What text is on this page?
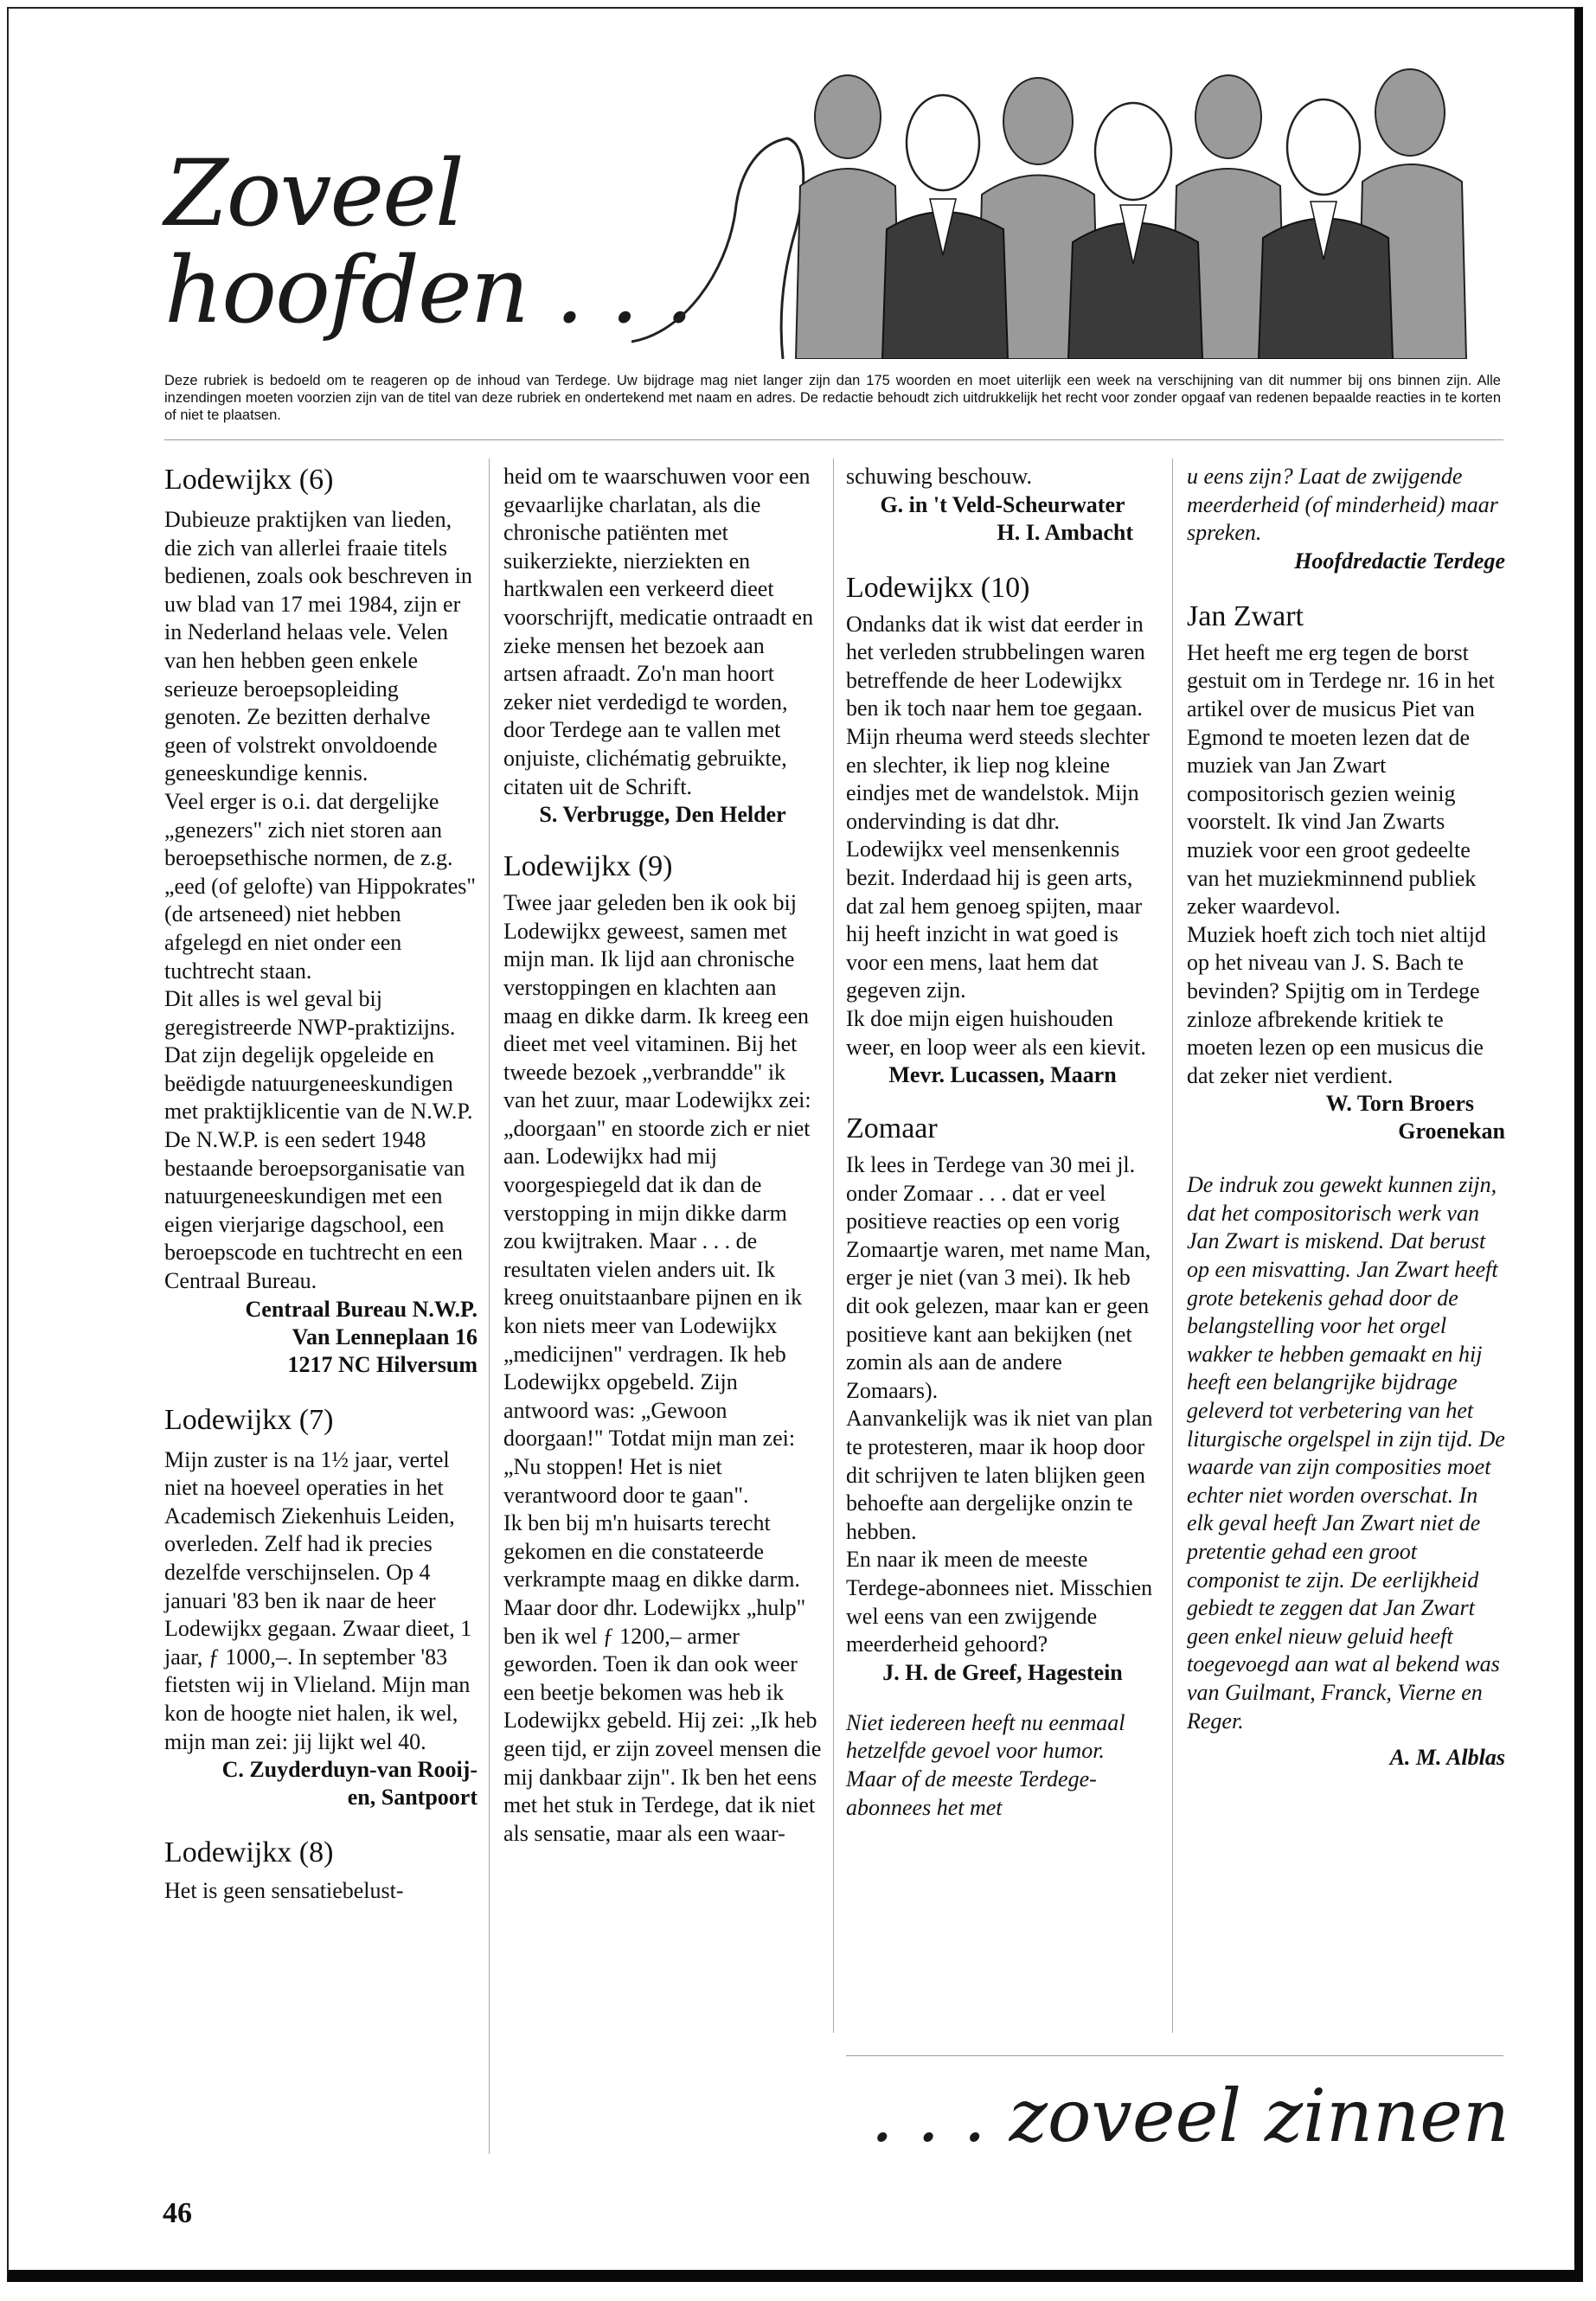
Zoveel
hoofden . . .

Deze rubriek is bedoeld om te reageren op de inhoud van Terdege. Uw bijdrage mag niet langer zijn dan 175 woorden en moet uiterlijk een week na verschijning van dit nummer bij ons binnen zijn. Alle inzendingen moeten voorzien zijn van de titel van deze rubriek en ondertekend met naam en adres. De redactie behoudt zich uitdrukkelijk het recht voor zonder opgaaf van redenen bepaalde reacties in te korten of niet te plaatsen.

Lodewijkx (6)

Dubieuze praktijken van lieden, die zich van allerlei fraaie titels bedienen, zoals ook beschreven in uw blad van 17 mei 1984, zijn er in Nederland helaas vele. Velen van hen hebben geen enkele serieuze beroepsopleiding genoten. Ze bezitten derhalve geen of volstrekt onvoldoende geneeskundige kennis.

Veel erger is o.i. dat dergelijke „genezers" zich niet storen aan beroepsethische normen, de z.g. „eed (of gelofte) van Hippokrates" (de artseneed) niet hebben afgelegd en niet onder een tuchtrecht staan.

Dit alles is wel geval bij geregistreerde NWP-praktizijns. Dat zijn degelijk opgeleide en beëdigde natuurgeneeskundigen met praktijklicentie van de N.W.P. De N.W.P. is een sedert 1948 bestaande beroepsorganisatie van natuurgeneeskundigen met een eigen vierjarige dagschool, een beroepscode en tuchtrecht en een Centraal Bureau.

Centraal Bureau N.W.P.

Van Lenneplaan 16

1217 NC Hilversum

Lodewijkx (7)

Mijn zuster is na 1½ jaar, vertel niet na hoeveel operaties in het Academisch Ziekenhuis Leiden, overleden. Zelf had ik precies dezelfde verschijnselen. Op 4 januari '83 ben ik naar de heer Lodewijkx gegaan. Zwaar dieet, 1 jaar, ƒ 1000,–. In september '83 fietsten wij in Vlieland. Mijn man kon de hoogte niet halen, ik wel, mijn man zei: jij lijkt wel 40.

C. Zuyderduyn-van Rooij-

en, Santpoort

Lodewijkx (8)

Het is geen sensatiebelust-

heid om te waarschuwen voor een gevaarlijke charlatan, als die chronische patiënten met suikerziekte, nierziekten en hartkwalen een verkeerd dieet voorschrijft, medicatie ontraadt en zieke mensen het bezoek aan artsen afraadt. Zo'n man hoort zeker niet verdedigd te worden, door Terdege aan te vallen met onjuiste, clichématig gebruikte, citaten uit de Schrift.

S. Verbrugge, Den Helder

Lodewijkx (9)

Twee jaar geleden ben ik ook bij Lodewijkx geweest, samen met mijn man. Ik lijd aan chronische verstoppingen en klachten aan maag en dikke darm. Ik kreeg een dieet met veel vitaminen. Bij het tweede bezoek „verbrandde" ik van het zuur, maar Lodewijkx zei: „doorgaan" en stoorde zich er niet aan. Lodewijkx had mij voorgespiegeld dat ik dan de verstopping in mijn dikke darm zou kwijtraken. Maar . . . de resultaten vielen anders uit. Ik kreeg onuitstaanbare pijnen en ik kon niets meer van Lodewijkx „medicijnen" verdragen. Ik heb Lodewijkx opgebeld. Zijn antwoord was: „Gewoon doorgaan!" Totdat mijn man zei: „Nu stoppen! Het is niet verantwoord door te gaan".

Ik ben bij m'n huisarts terecht gekomen en die constateerde verkrampte maag en dikke darm. Maar door dhr. Lodewijkx „hulp" ben ik wel ƒ 1200,– armer geworden. Toen ik dan ook weer een beetje bekomen was heb ik Lodewijkx gebeld. Hij zei: „Ik heb geen tijd, er zijn zoveel mensen die mij dankbaar zijn". Ik ben het eens met het stuk in Terdege, dat ik niet als sensatie, maar als een waar-

schuwing beschouw.

G. in 't Veld-Scheurwater

H. I. Ambacht

Lodewijkx (10)

Ondanks dat ik wist dat eerder in het verleden strubbelingen waren betreffende de heer Lodewijkx ben ik toch naar hem toe gegaan. Mijn rheuma werd steeds slechter en slechter, ik liep nog kleine eindjes met de wandelstok. Mijn ondervinding is dat dhr. Lodewijkx veel mensenkennis bezit. Inderdaad hij is geen arts, dat zal hem genoeg spijten, maar hij heeft inzicht in wat goed is voor een mens, laat hem dat gegeven zijn.

Ik doe mijn eigen huishouden weer, en loop weer als een kievit.

Mevr. Lucassen, Maarn

Zomaar

Ik lees in Terdege van 30 mei jl. onder Zomaar . . . dat er veel positieve reacties op een vorig Zomaartje waren, met name Man, erger je niet (van 3 mei). Ik heb dit ook gelezen, maar kan er geen positieve kant aan bekijken (net zomin als aan de andere Zomaars).

Aanvankelijk was ik niet van plan te protesteren, maar ik hoop door dit schrijven te laten blijken geen behoefte aan dergelijke onzin te hebben.

En naar ik meen de meeste Terdege-abonnees niet. Misschien wel eens van een zwijgende meerderheid gehoord?

J. H. de Greef, Hagestein

Niet iedereen heeft nu eenmaal hetzelfde gevoel voor humor. Maar of de meeste Terdege-abonnees het met

u eens zijn? Laat de zwijgende meerderheid (of minderheid) maar spreken.

Hoofdredactie Terdege

Jan Zwart

Het heeft me erg tegen de borst gestuit om in Terdege nr. 16 in het artikel over de musicus Piet van Egmond te moeten lezen dat de muziek van Jan Zwart compositorisch gezien weinig voorstelt. Ik vind Jan Zwarts muziek voor een groot gedeelte van het muziekminnend publiek zeker waardevol.

Muziek hoeft zich toch niet altijd op het niveau van J. S. Bach te bevinden? Spijtig om in Terdege zinloze afbrekende kritiek te moeten lezen op een musicus die dat zeker niet verdient.

W. Torn Broers

Groenekan

De indruk zou gewekt kunnen zijn, dat het compositorisch werk van Jan Zwart is miskend. Dat berust op een misvatting. Jan Zwart heeft grote betekenis gehad door de belangstelling voor het orgel wakker te hebben gemaakt en hij heeft een belangrijke bijdrage geleverd tot verbetering van het liturgische orgelspel in zijn tijd. De waarde van zijn composities moet echter niet worden overschat. In elk geval heeft Jan Zwart niet de pretentie gehad een groot componist te zijn. De eerlijkheid gebiedt te zeggen dat Jan Zwart geen enkel nieuw geluid heeft toegevoegd aan wat al bekend was van Guilmant, Franck, Vierne en Reger.

A. M. Alblas

. . . zoveel zinnen

46
